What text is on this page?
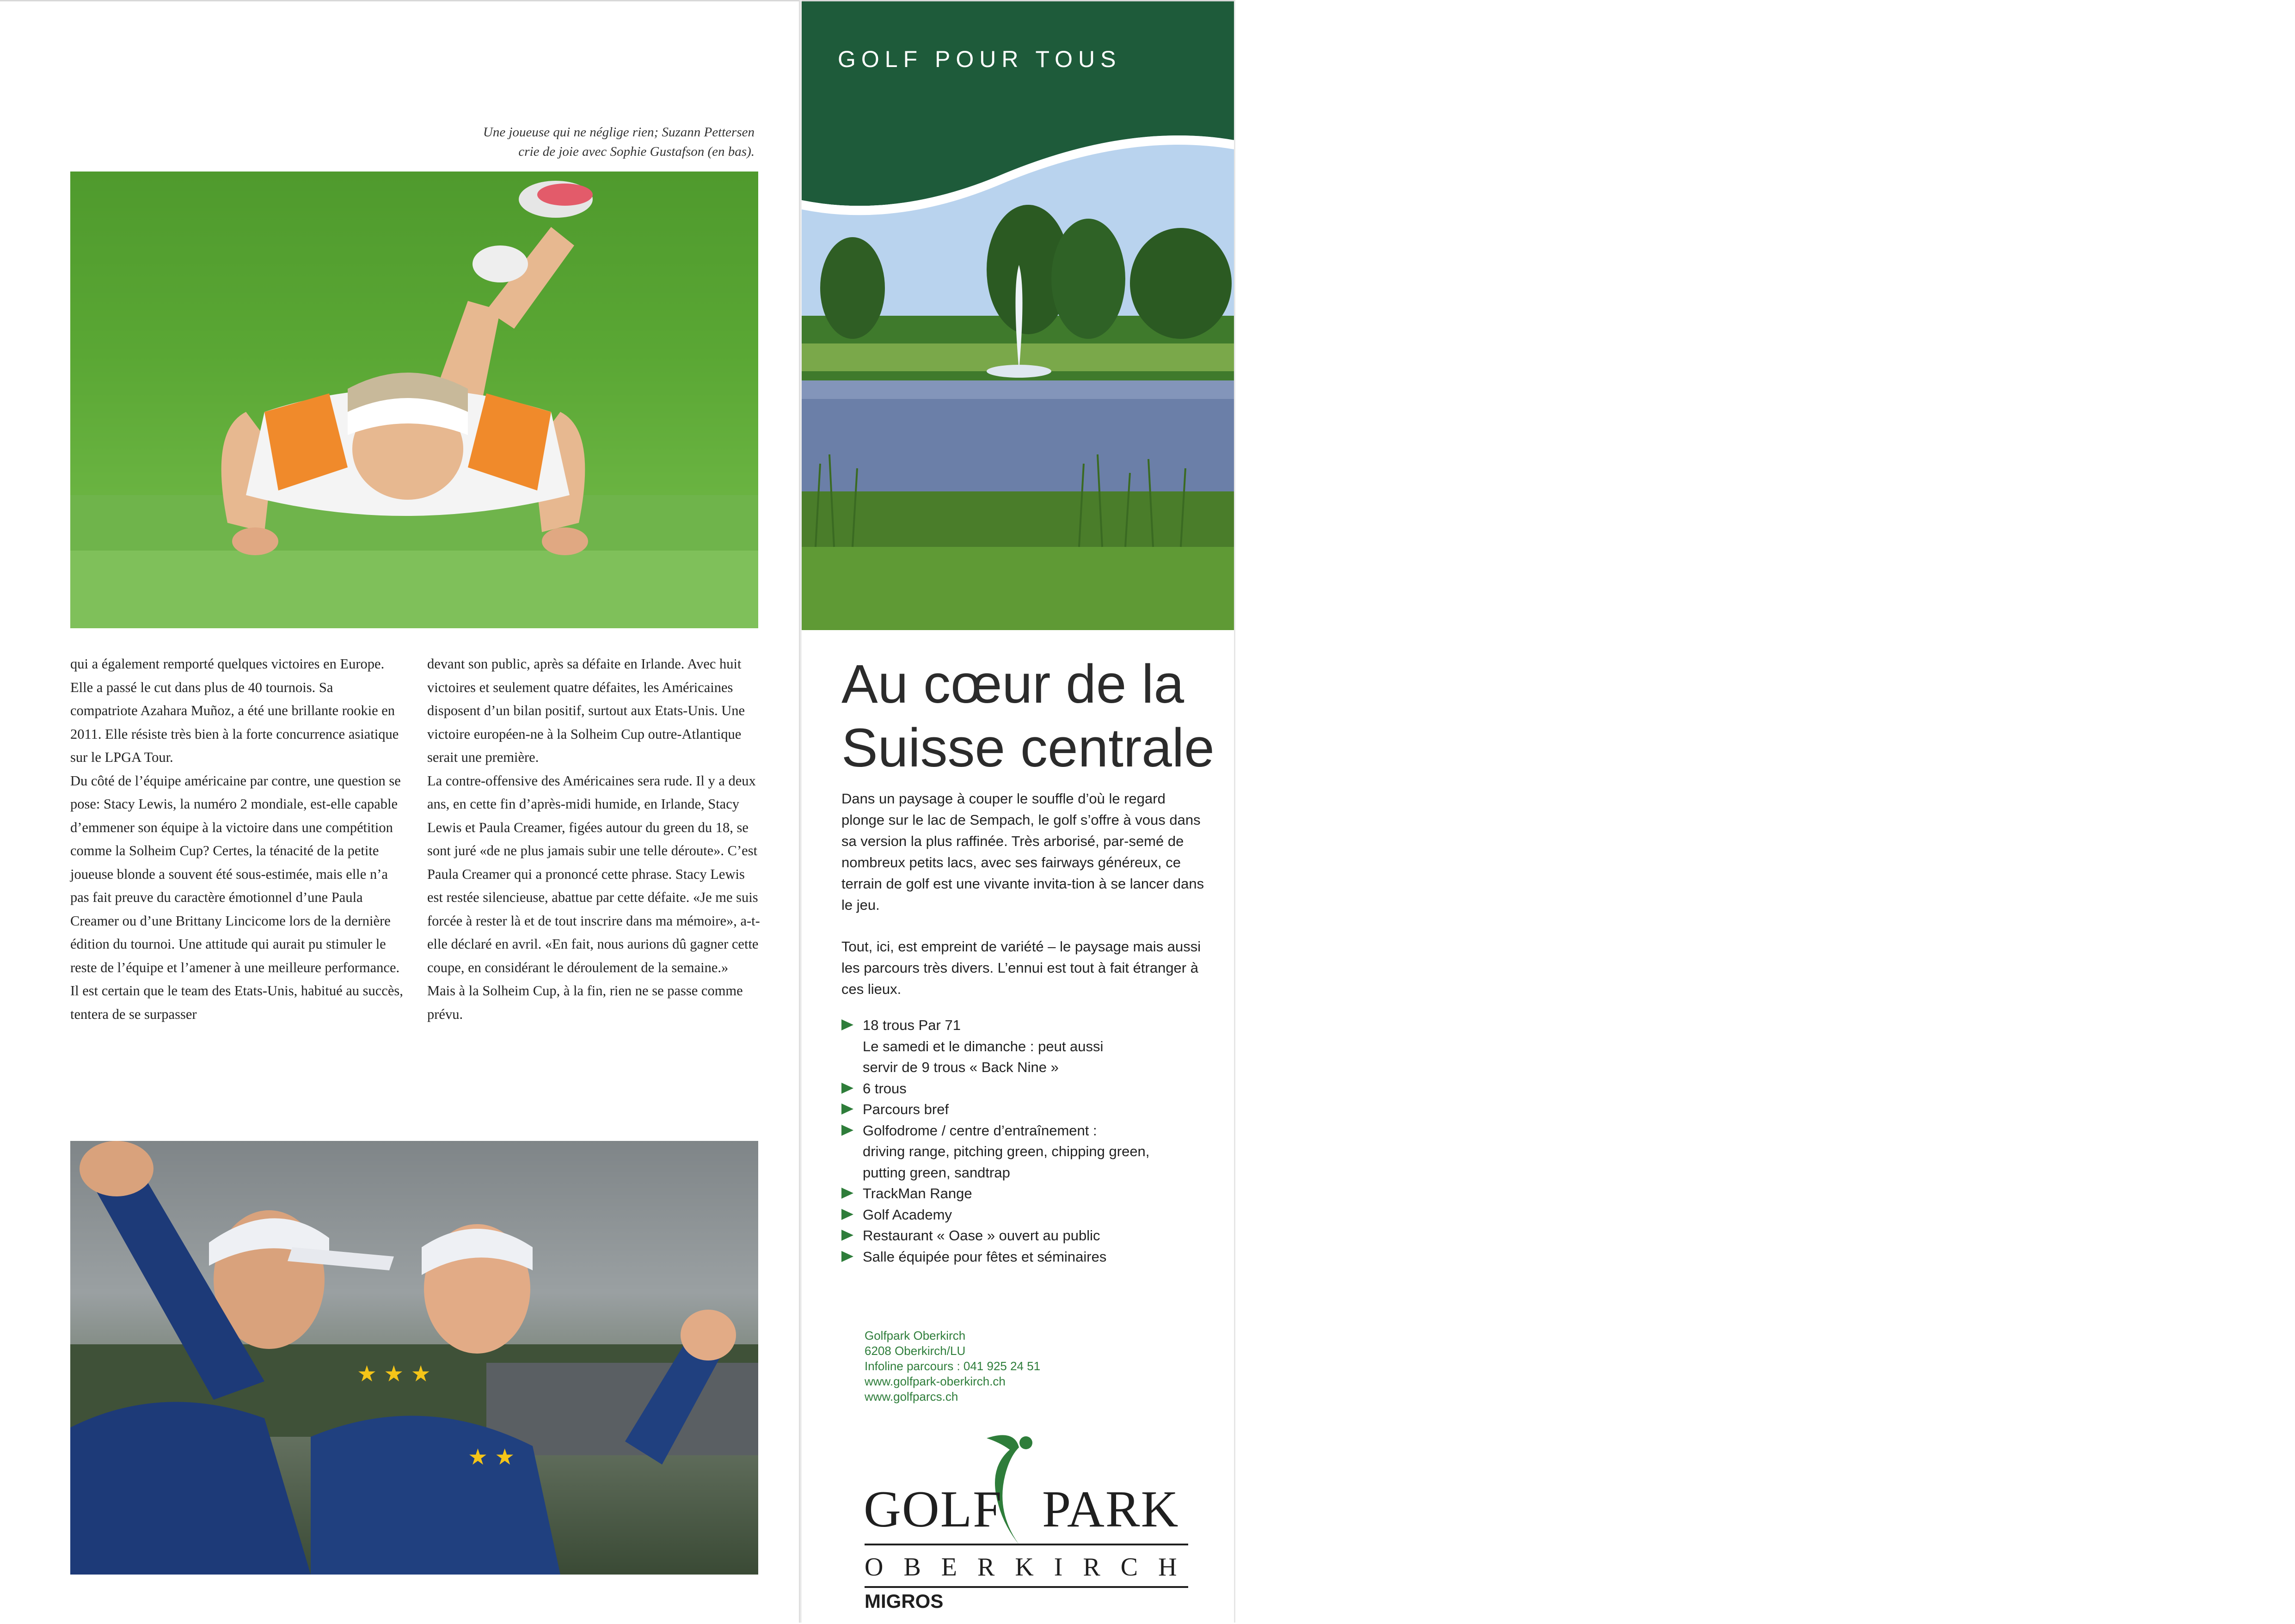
Une joueuse qui ne néglige rien; Suzann Pettersen
crie de joie avec Sophie Gustafson (en bas).

qui a également remporté quelques victoires en Europe. Elle a passé le cut dans plus de 40 tournois. Sa compatriote Azahara Muñoz, a été une brillante rookie en 2011. Elle résiste très bien à la forte concurrence asiatique sur le LPGA Tour.

Du côté de l’équipe américaine par contre, une question se pose: Stacy Lewis, la numéro 2 mondiale, est-elle capable d’emmener son équipe à la victoire dans une compétition comme la Solheim Cup? Certes, la ténacité de la petite joueuse blonde a souvent été sous-estimée, mais elle n’a pas fait preuve du caractère émotionnel d’une Paula Creamer ou d’une Brittany Lincicome lors de la dernière édition du tournoi. Une attitude qui aurait pu stimuler le reste de l’équipe et l’amener à une meilleure performance.

Il est certain que le team des Etats-Unis, habitué au succès, tentera de se surpasser

devant son public, après sa défaite en Irlande. Avec huit victoires et seulement quatre défaites, les Américaines disposent d’un bilan positif, surtout aux Etats-Unis. Une victoire européen-ne à la Solheim Cup outre-Atlantique serait une première.

La contre-offensive des Américaines sera rude. Il y a deux ans, en cette fin d’après-midi humide, en Irlande, Stacy Lewis et Paula Creamer, figées autour du green du 18, se sont juré «de ne plus jamais subir une telle déroute». C’est Paula Creamer qui a prononcé cette phrase. Stacy Lewis est restée silencieuse, abattue par cette défaite. «Je me suis forcée à rester là et de tout inscrire dans ma mémoire», a-t-elle déclaré en avril. «En fait, nous aurions dû gagner cette coupe, en considérant le déroulement de la semaine.»

Mais à la Solheim Cup, à la fin, rien ne se passe comme prévu.

★ ★ ★
★ ★
GOLF POUR TOUS
Au cœur de la
Suisse centrale

Dans un paysage à couper le souffle d’où le regard plonge sur le lac de Sempach, le golf s’offre à vous dans sa version la plus raffinée. Très arborisé, par-semé de nombreux petits lacs, avec ses fairways généreux, ce terrain de golf est une vivante invita-tion à se lancer dans le jeu.

Tout, ici, est empreint de variété – le paysage mais aussi les parcours très divers. L’ennui est tout à fait étranger à ces lieux.

18 trous Par 71
Le samedi et le dimanche : peut aussi
servir de 9 trous « Back Nine »
6 trous
Parcours bref
Golfodrome / centre d’entraînement :
driving range, pitching green, chipping green,
putting green, sandtrap
TrackMan Range
Golf Academy
Restaurant « Oase » ouvert au public
Salle équipée pour fêtes et séminaires
Golfpark Oberkirch
6208 Oberkirch/LU
Infoline parcours : 041 925 24 51
www.golfpark-oberkirch.ch
www.golfparcs.ch
GOLF PARK
OBERKIRCH
MIGROS
